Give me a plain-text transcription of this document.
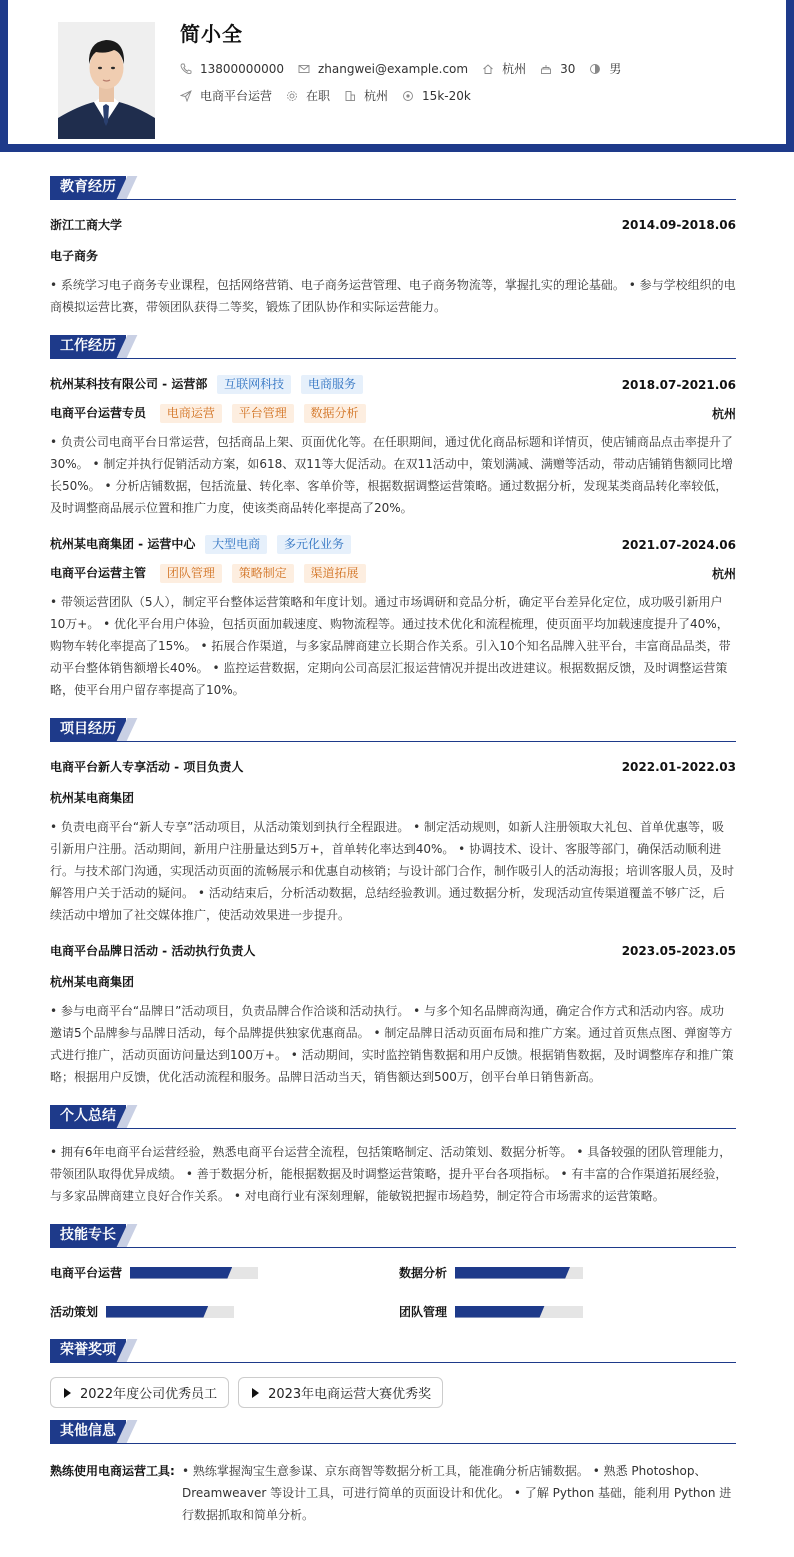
简小全
13800000000	zhangwei@example.com	杭州	30	男
电商平台运营	在职	杭州	15k-20k
教育经历
浙江工商大学	2014.09-2018.06
电子商务
• 系统学习电子商务专业课程，包括网络营销、电子商务运营管理、电子商务物流等，掌握扎实的理论基础。 • 参与学校组织的电商模拟运营比赛，带领团队获得二等奖，锻炼了团队协作和实际运营能力。
工作经历
杭州某科技有限公司 - 运营部 互联网科技 电商服务	2018.07-2021.06
电商平台运营专员 电商运营 平台管理 数据分析	杭州
• 负责公司电商平台日常运营，包括商品上架、页面优化等。在任职期间，通过优化商品标题和详情页，使店铺商品点击率提升了30%。 • 制定并执行促销活动方案，如618、双11等大促活动。在双11活动中，策划满减、满赠等活动，带动店铺销售额同比增长50%。 • 分析店铺数据，包括流量、转化率、客单价等，根据数据调整运营策略。通过数据分析，发现某类商品转化率较低，及时调整商品展示位置和推广力度，使该类商品转化率提高了20%。
杭州某电商集团 - 运营中心 大型电商 多元化业务	2021.07-2024.06
电商平台运营主管 团队管理 策略制定 渠道拓展	杭州
• 带领运营团队（5人），制定平台整体运营策略和年度计划。通过市场调研和竞品分析，确定平台差异化定位，成功吸引新用户10万+。 • 优化平台用户体验，包括页面加载速度、购物流程等。通过技术优化和流程梳理，使页面平均加载速度提升了40%，购物车转化率提高了15%。 • 拓展合作渠道，与多家品牌商建立长期合作关系。引入10个知名品牌入驻平台，丰富商品品类，带动平台整体销售额增长40%。 • 监控运营数据，定期向公司高层汇报运营情况并提出改进建议。根据数据反馈，及时调整运营策略，使平台用户留存率提高了10%。
项目经历
电商平台新人专享活动 - 项目负责人	2022.01-2022.03
杭州某电商集团
• 负责电商平台“新人专享”活动项目，从活动策划到执行全程跟进。 • 制定活动规则，如新人注册领取大礼包、首单优惠等，吸引新用户注册。活动期间，新用户注册量达到5万+，首单转化率达到40%。 • 协调技术、设计、客服等部门，确保活动顺利进行。与技术部门沟通，实现活动页面的流畅展示和优惠自动核销；与设计部门合作，制作吸引人的活动海报；培训客服人员，及时解答用户关于活动的疑问。 • 活动结束后，分析活动数据，总结经验教训。通过数据分析，发现活动宣传渠道覆盖不够广泛，后续活动中增加了社交媒体推广，使活动效果进一步提升。
电商平台品牌日活动 - 活动执行负责人	2023.05-2023.05
杭州某电商集团
• 参与电商平台“品牌日”活动项目，负责品牌合作洽谈和活动执行。 • 与多个知名品牌商沟通，确定合作方式和活动内容。成功邀请5个品牌参与品牌日活动，每个品牌提供独家优惠商品。 • 制定品牌日活动页面布局和推广方案。通过首页焦点图、弹窗等方式进行推广，活动页面访问量达到100万+。 • 活动期间，实时监控销售数据和用户反馈。根据销售数据，及时调整库存和推广策略；根据用户反馈，优化活动流程和服务。品牌日活动当天，销售额达到500万，创平台单日销售新高。
个人总结
• 拥有6年电商平台运营经验，熟悉电商平台运营全流程，包括策略制定、活动策划、数据分析等。 • 具备较强的团队管理能力，带领团队取得优异成绩。 • 善于数据分析，能根据数据及时调整运营策略，提升平台各项指标。 • 有丰富的合作渠道拓展经验，与多家品牌商建立良好合作关系。 • 对电商行业有深刻理解，能敏锐把握市场趋势，制定符合市场需求的运营策略。
技能专长
电商平台运营	数据分析
活动策划	团队管理
荣誉奖项
2022年度公司优秀员工	2023年电商运营大赛优秀奖
其他信息
熟练使用电商运营工具: • 熟练掌握淘宝生意参谋、京东商智等数据分析工具，能准确分析店铺数据。 • 熟悉 Photoshop、Dreamweaver 等设计工具，可进行简单的页面设计和优化。 • 了解 Python 基础，能利用 Python 进行数据抓取和简单分析。
